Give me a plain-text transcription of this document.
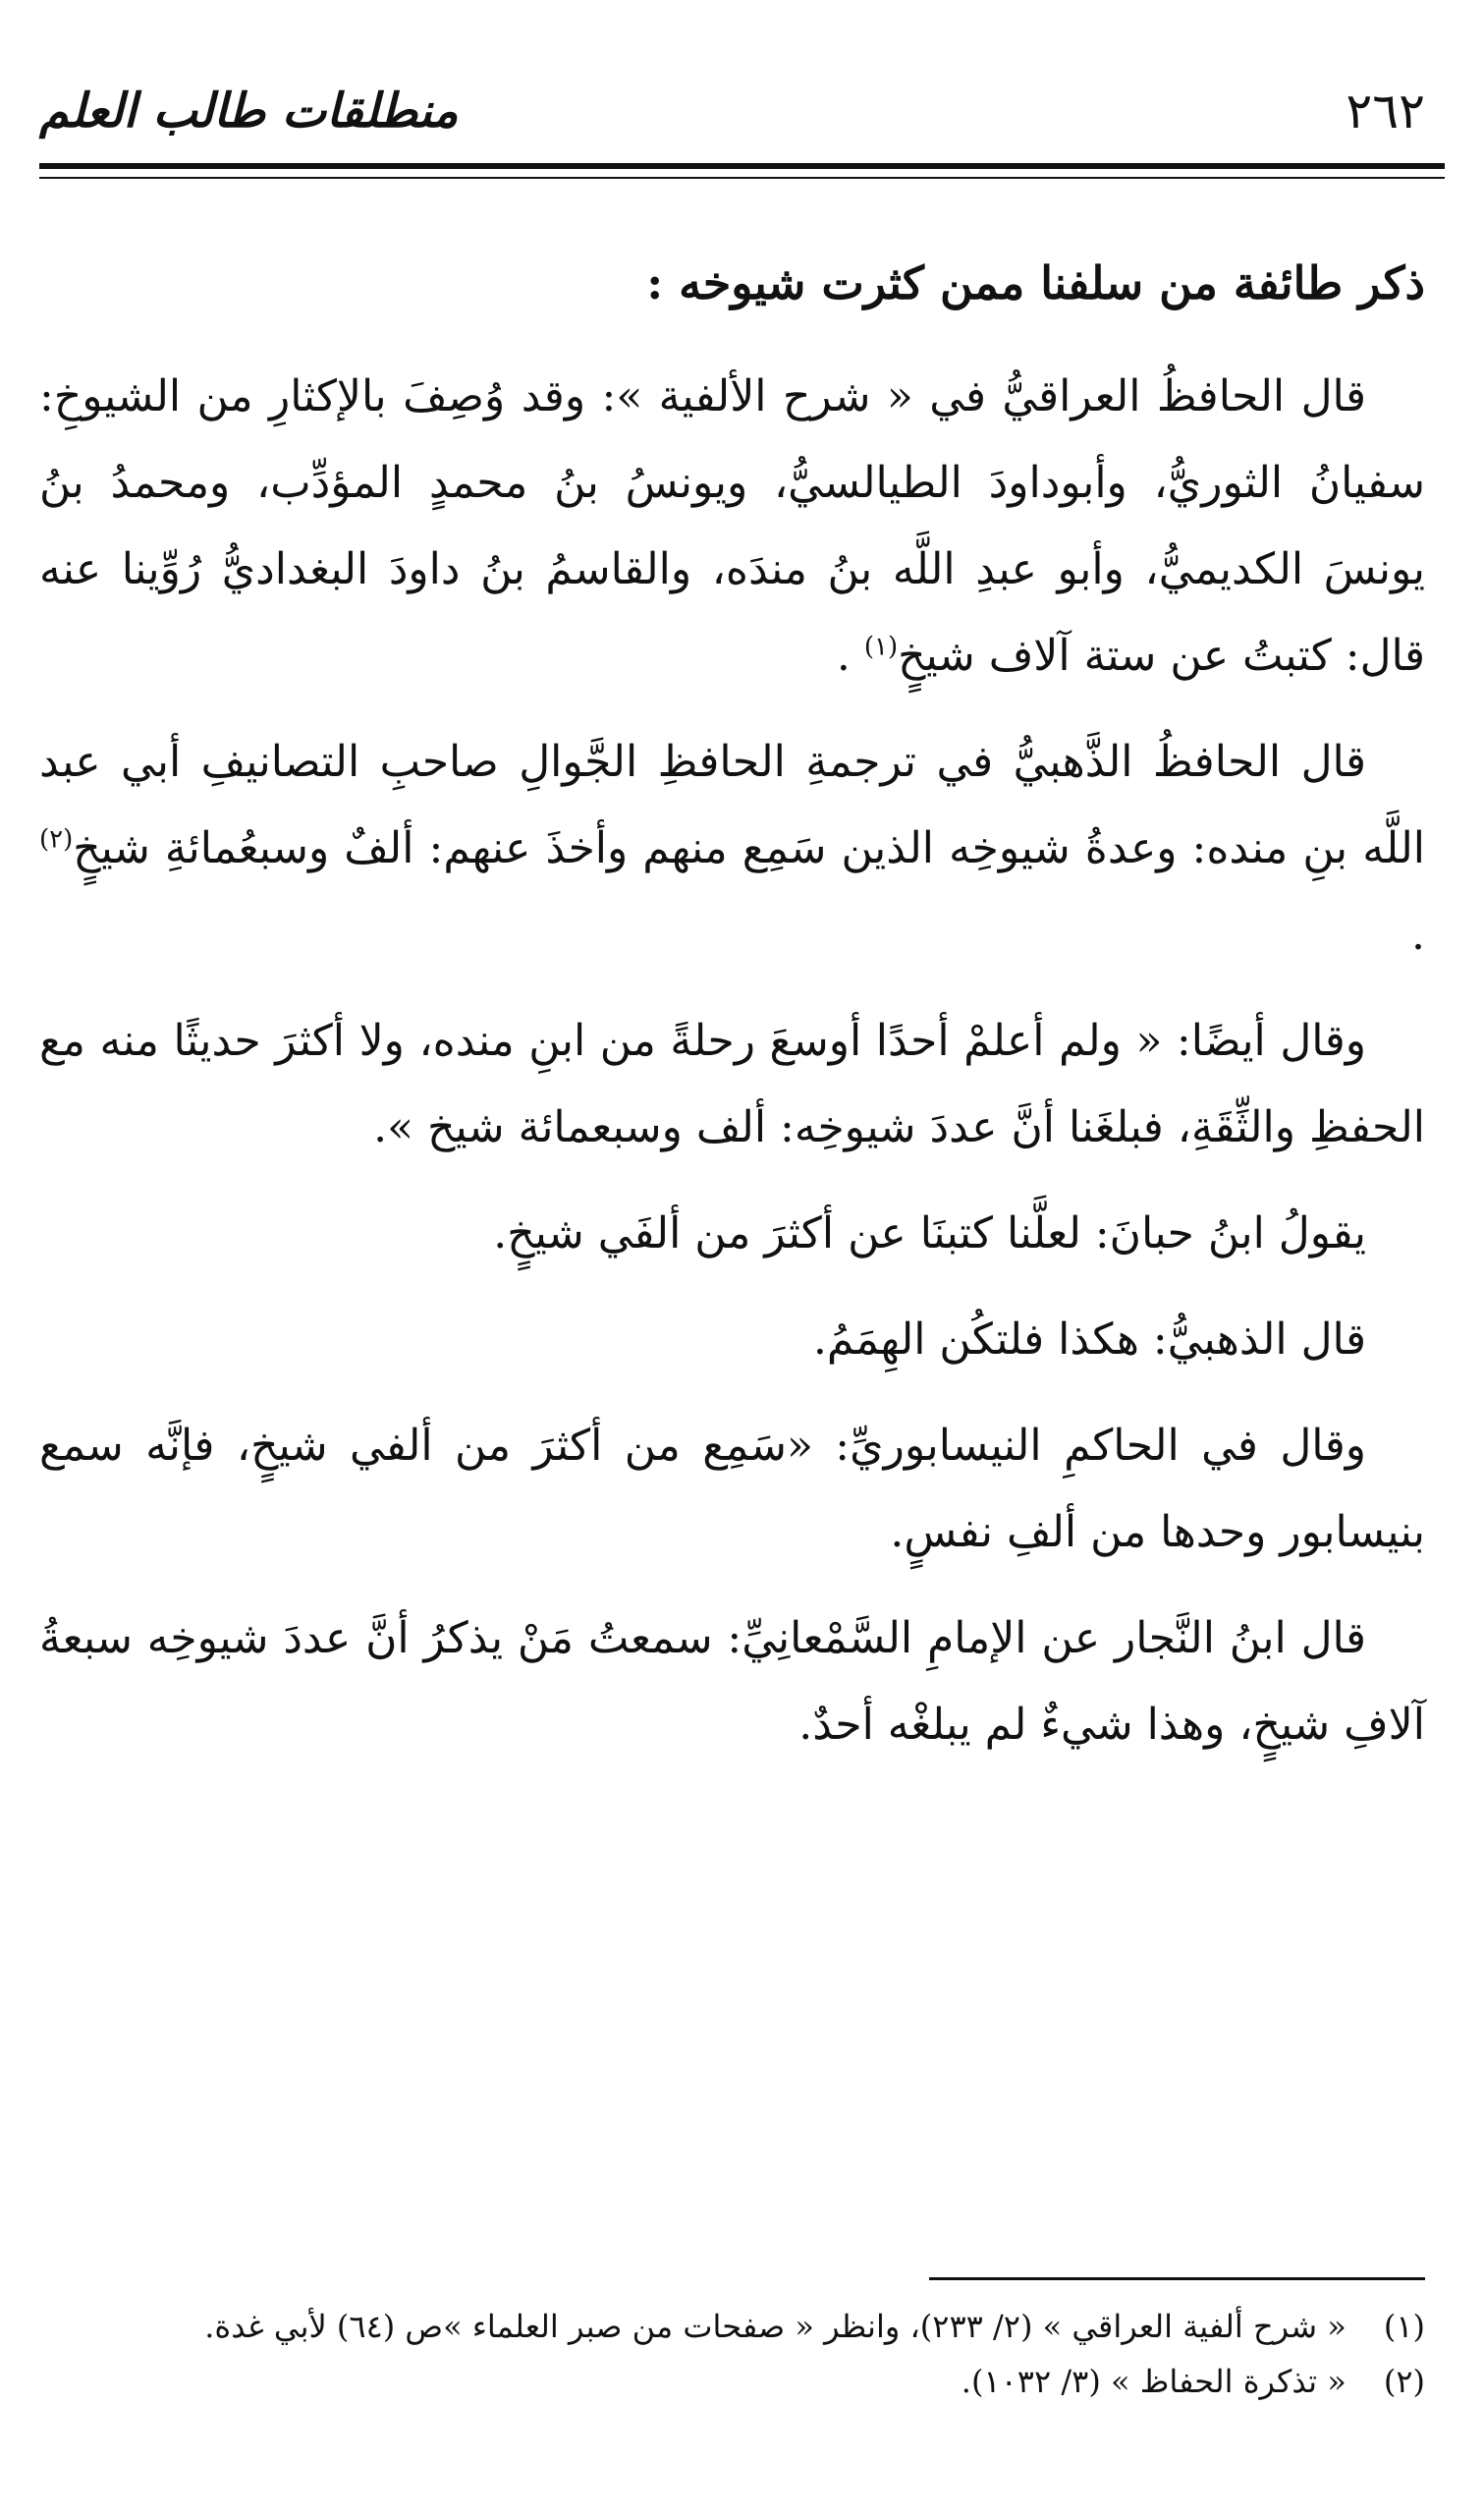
٢٦٢
منطلقات طالب العلم

ذكر طائفة من سلفنا ممن كثرت شيوخه :

قال الحافظُ العراقيُّ في « شرح الألفية »: وقد وُصِفَ بالإكثارِ من الشيوخِ: سفيانُ الثوريُّ، وأبوداودَ الطيالسيُّ، ويونسُ بنُ محمدٍ المؤدِّب، ومحمدُ بنُ يونسَ الكديميُّ، وأبو عبدِ اللَّه بنُ مندَه، والقاسمُ بنُ داودَ البغداديُّ رُوِّينا عنه قال: كتبتُ عن ستة آلاف شيخٍ$^{(١)}$ .

قال الحافظُ الذَّهبيُّ في ترجمةِ الحافظِ الجَّوالِ صاحبِ التصانيفِ أبي عبد اللَّه بنِ منده: وعدةُ شيوخِه الذين سَمِع منهم وأخذَ عنهم: ألفٌ وسبعُمائةِ شيخٍ$^{(٢)}$ .

وقال أيضًا: « ولم أعلمْ أحدًا أوسعَ رحلةً من ابنِ منده، ولا أكثرَ حديثًا منه مع الحفظِ والثِّقَةِ، فبلغَنا أنَّ عددَ شيوخِه: ألف وسبعمائة شيخ ».

يقولُ ابنُ حبانَ: لعلَّنا كتبنَا عن أكثرَ من ألفَي شيخٍ.

قال الذهبيُّ: هكذا فلتكُن الهِمَمُ.

وقال في الحاكمِ النيسابوريِّ: «سَمِع من أكثرَ من ألفي شيخٍ، فإنَّه سمع بنيسابور وحدها من ألفِ نفسٍ.

قال ابنُ النَّجار عن الإمامِ السَّمْعانِيِّ: سمعتُ مَنْ يذكرُ أنَّ عددَ شيوخِه سبعةُ آلافِ شيخٍ، وهذا شيءٌ لم يبلغْه أحدٌ.

(١) « شرح ألفية العراقي » (٢/ ٢٣٣)، وانظر « صفحات من صبر العلماء »ص (٦٤) لأبي غدة.

(٢) « تذكرة الحفاظ » (٣/ ١٠٣٢).
